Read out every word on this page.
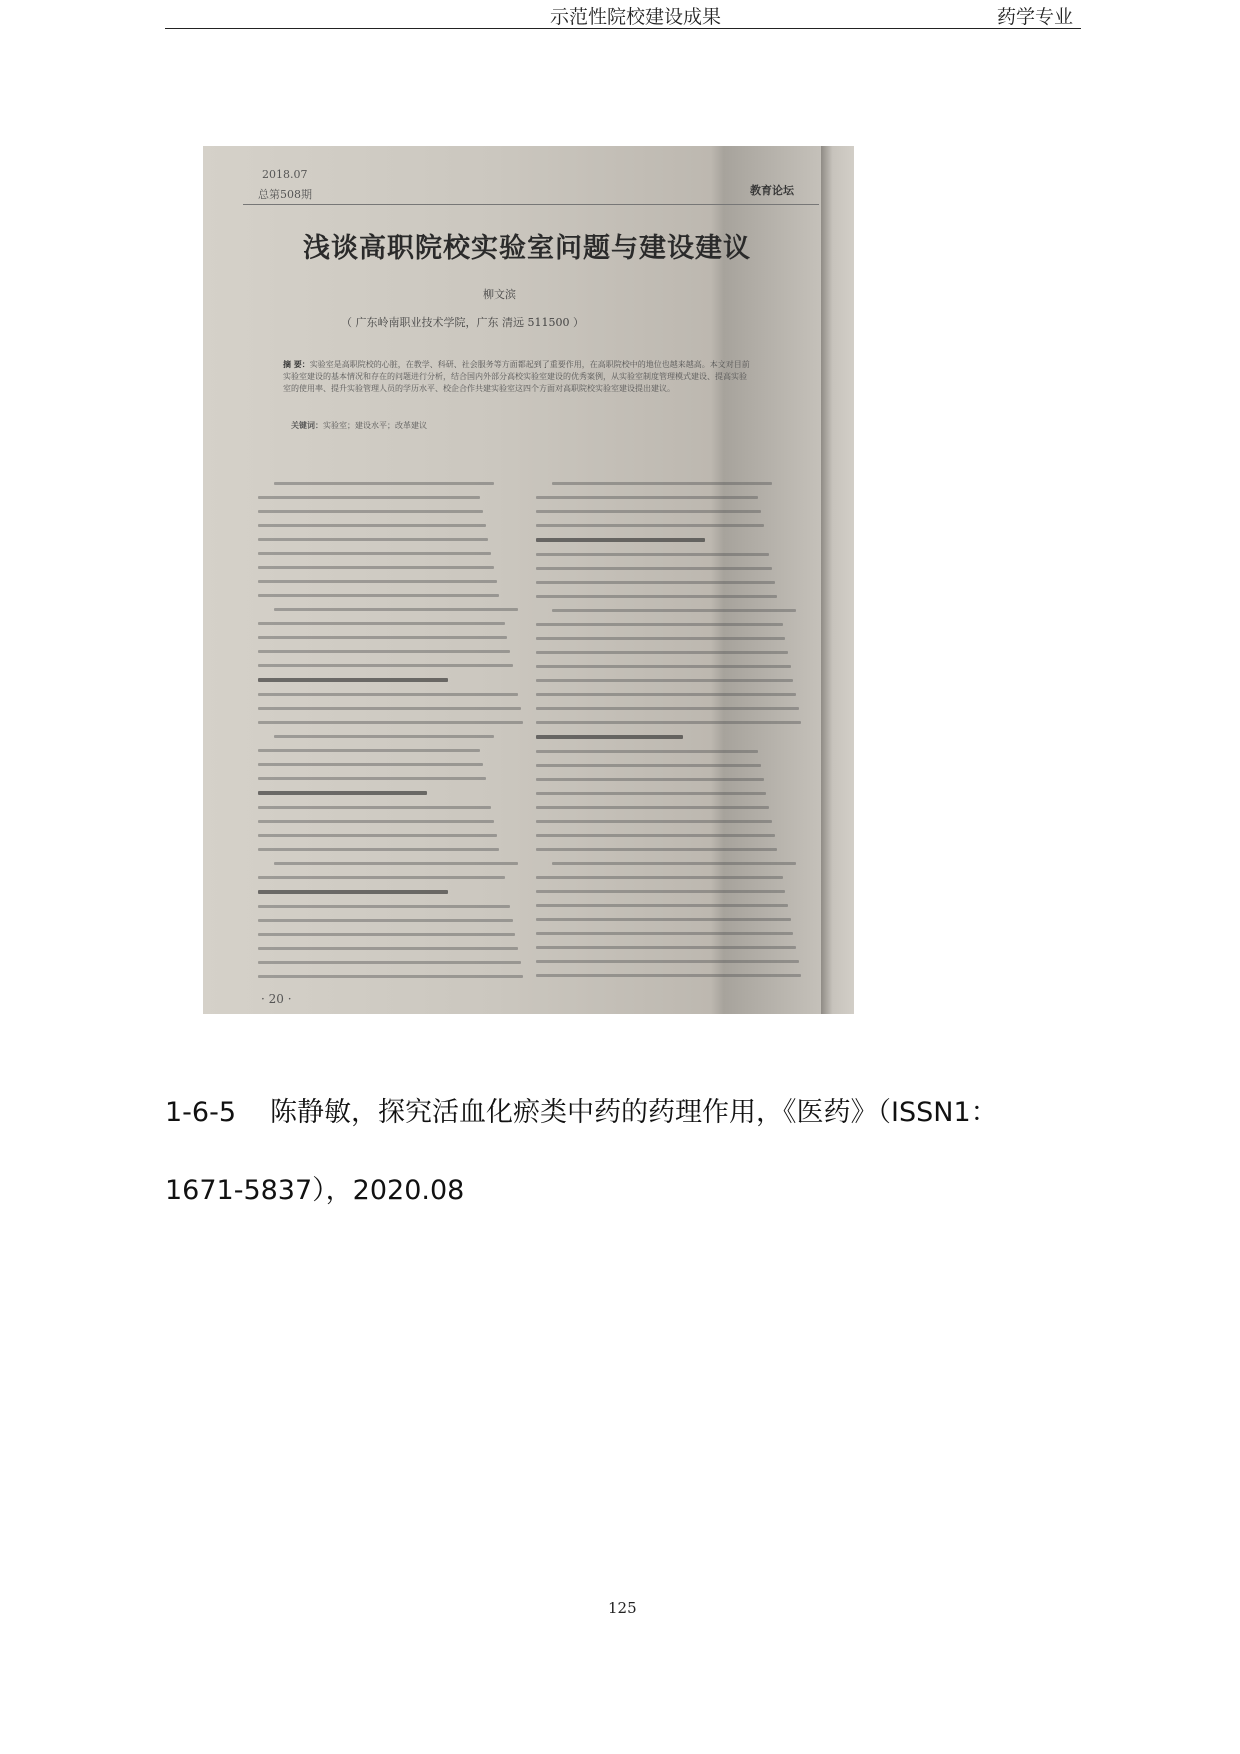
示范性院校建设成果	药学专业
2018.07
总第508期	教育论坛
浅谈高职院校实验室问题与建设建议
柳文滨
（ 广东岭南职业技术学院，广东 清远 511500 ）
摘 要：实验室是高职院校的心脏，在教学、科研、社会服务等方面都起到了重要作用，在高职院校中的地位也越来越高。本文对目前实验室建设的基本情况和存在的问题进行分析，结合国内外部分高校实验室建设的优秀案例，从实验室制度管理模式建设、提高实验室的使用率、提升实验管理人员的学历水平、校企合作共建实验室这四个方面对高职院校实验室建设提出建议。
关键词：实验室；建设水平；改革建议
· 20 ·
1-6-5 陈静敏，探究活血化瘀类中药的药理作用，《医药》（ISSN1：
1671-5837），2020.08
125
